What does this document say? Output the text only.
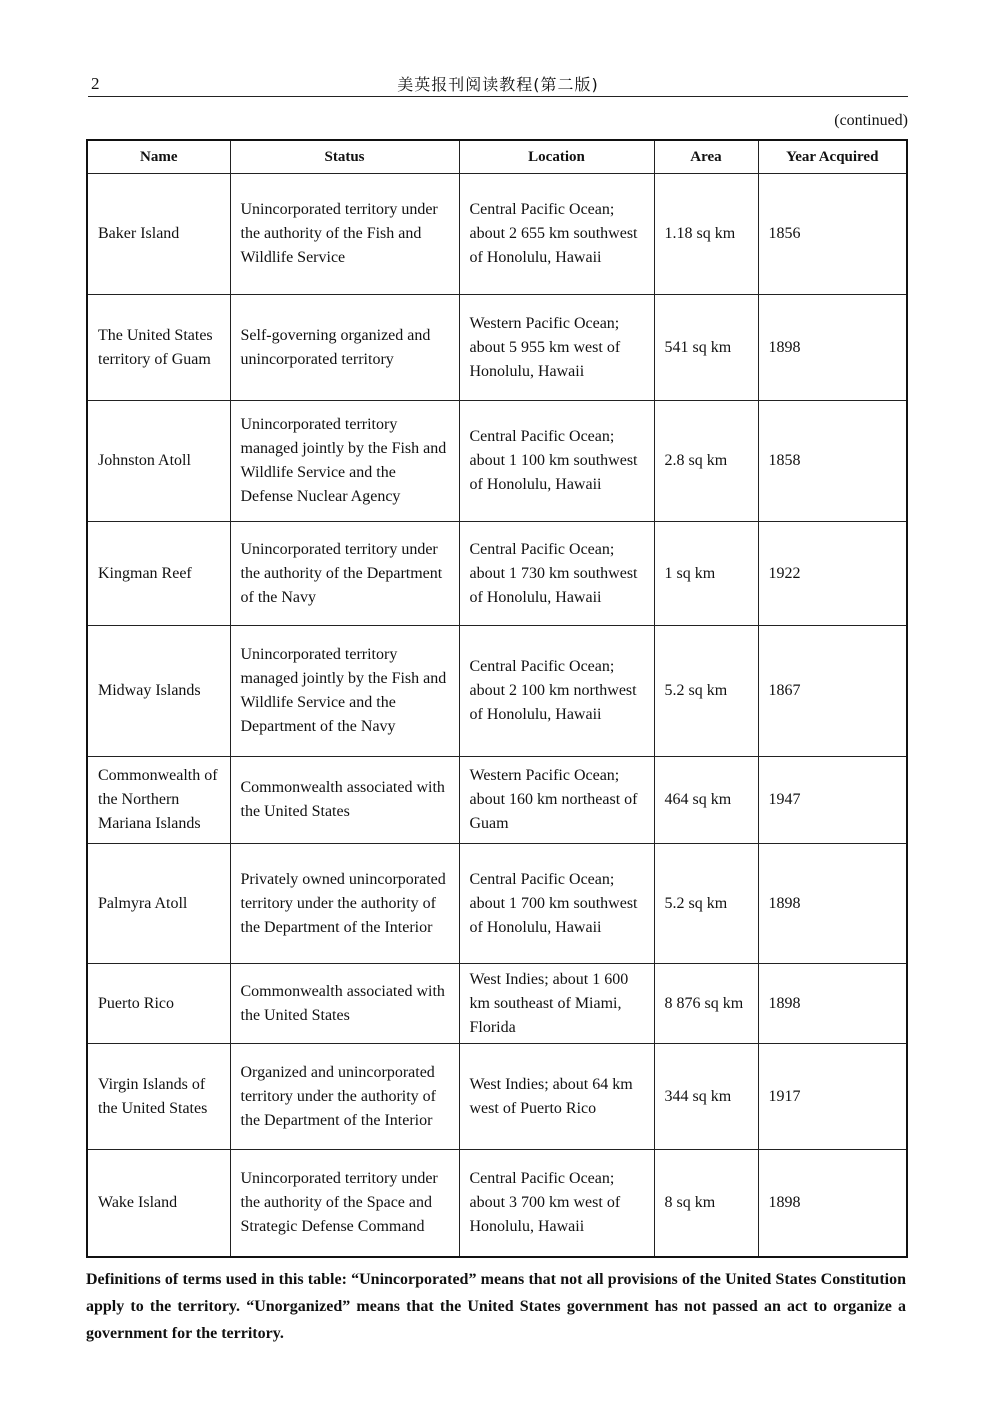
2	美英报刊阅读教程(第二版)
(continued)
Name	Status	Location	Area	Year Acquired
Baker Island	Unincorporated territory under the authority of the Fish and Wildlife Service	Central Pacific Ocean; about 2 655 km southwest of Honolulu, Hawaii	1.18 sq km	1856
The United States territory of Guam	Self-governing organized and unincorporated territory	Western Pacific Ocean; about 5 955 km west of Honolulu, Hawaii	541 sq km	1898
Johnston Atoll	Unincorporated territory managed jointly by the Fish and Wildlife Service and the Defense Nuclear Agency	Central Pacific Ocean; about 1 100 km southwest of Honolulu, Hawaii	2.8 sq km	1858
Kingman Reef	Unincorporated territory under the authority of the Department of the Navy	Central Pacific Ocean; about 1 730 km southwest of Honolulu, Hawaii	1 sq km	1922
Midway Islands	Unincorporated territory managed jointly by the Fish and Wildlife Service and the Department of the Navy	Central Pacific Ocean; about 2 100 km northwest of Honolulu, Hawaii	5.2 sq km	1867
Commonwealth of the Northern Mariana Islands	Commonwealth associated with the United States	Western Pacific Ocean; about 160 km northeast of Guam	464 sq km	1947
Palmyra Atoll	Privately owned unincorporated territory under the authority of the Department of the Interior	Central Pacific Ocean; about 1 700 km southwest of Honolulu, Hawaii	5.2 sq km	1898
Puerto Rico	Commonwealth associated with the United States	West Indies; about 1 600 km southeast of Miami, Florida	8 876 sq km	1898
Virgin Islands of the United States	Organized and unincorporated territory under the authority of the Department of the Interior	West Indies; about 64 km west of Puerto Rico	344 sq km	1917
Wake Island	Unincorporated territory under the authority of the Space and Strategic Defense Command	Central Pacific Ocean; about 3 700 km west of Honolulu, Hawaii	8 sq km	1898
Definitions of terms used in this table: “Unincorporated” means that not all provisions of the United States Constitution apply to the territory. “Unorganized” means that the United States government has not passed an act to organize a government for the territory.
